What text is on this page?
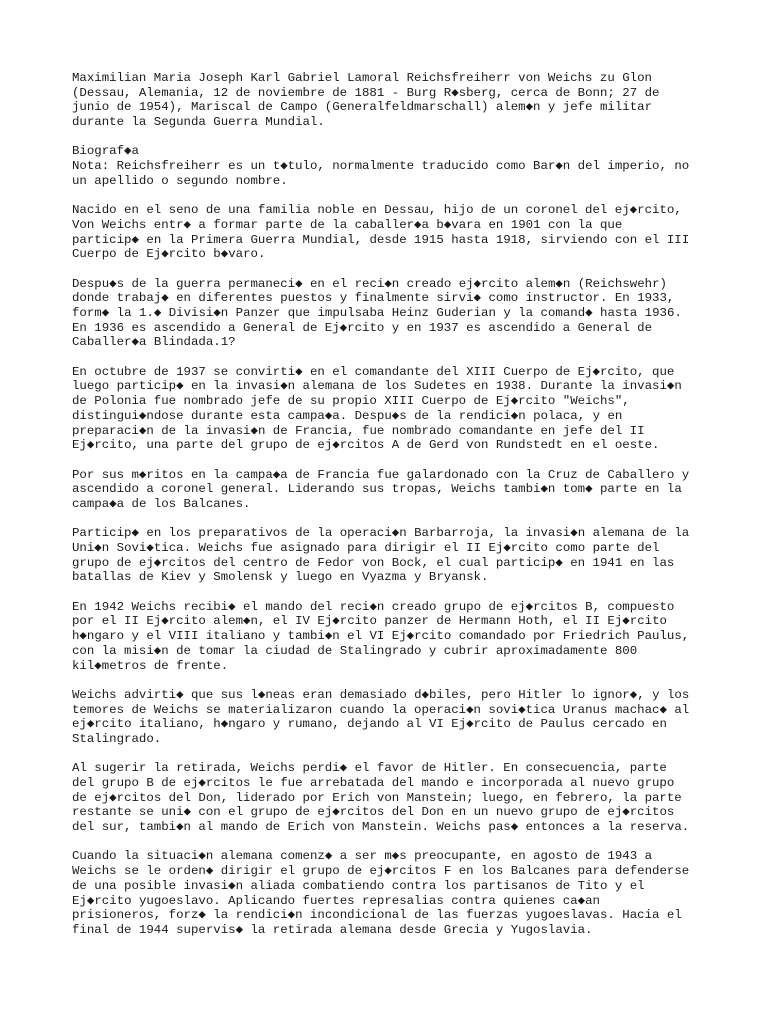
Maximilian Maria Joseph Karl Gabriel Lamoral Reichsfreiherr von Weichs zu Glon
(Dessau, Alemania, 12 de noviembre de 1881 - Burg R◆sberg, cerca de Bonn; 27 de
junio de 1954), Mariscal de Campo (Generalfeldmarschall) alem◆n y jefe militar
durante la Segunda Guerra Mundial.
Biograf◆a
Nota: Reichsfreiherr es un t◆tulo, normalmente traducido como Bar◆n del imperio, no
un apellido o segundo nombre.
Nacido en el seno de una familia noble en Dessau, hijo de un coronel del ej◆rcito,
Von Weichs entr◆ a formar parte de la caballer◆a b◆vara en 1901 con la que
particip◆ en la Primera Guerra Mundial, desde 1915 hasta 1918, sirviendo con el III
Cuerpo de Ej◆rcito b◆varo.
Despu◆s de la guerra permaneci◆ en el reci◆n creado ej◆rcito alem◆n (Reichswehr)
donde trabaj◆ en diferentes puestos y finalmente sirvi◆ como instructor. En 1933,
form◆ la 1.◆ Divisi◆n Panzer que impulsaba Heinz Guderian y la comand◆ hasta 1936.
En 1936 es ascendido a General de Ej◆rcito y en 1937 es ascendido a General de
Caballer◆a Blindada.1?
En octubre de 1937 se convirti◆ en el comandante del XIII Cuerpo de Ej◆rcito, que
luego particip◆ en la invasi◆n alemana de los Sudetes en 1938. Durante la invasi◆n
de Polonia fue nombrado jefe de su propio XIII Cuerpo de Ej◆rcito "Weichs",
distingui◆ndose durante esta campa◆a. Despu◆s de la rendici◆n polaca, y en
preparaci◆n de la invasi◆n de Francia, fue nombrado comandante en jefe del II
Ej◆rcito, una parte del grupo de ej◆rcitos A de Gerd von Rundstedt en el oeste.
Por sus m◆ritos en la campa◆a de Francia fue galardonado con la Cruz de Caballero y
ascendido a coronel general. Liderando sus tropas, Weichs tambi◆n tom◆ parte en la
campa◆a de los Balcanes.
Particip◆ en los preparativos de la operaci◆n Barbarroja, la invasi◆n alemana de la
Uni◆n Sovi◆tica. Weichs fue asignado para dirigir el II Ej◆rcito como parte del
grupo de ej◆rcitos del centro de Fedor von Bock, el cual particip◆ en 1941 en las
batallas de Kiev y Smolensk y luego en Vyazma y Bryansk.
En 1942 Weichs recibi◆ el mando del reci◆n creado grupo de ej◆rcitos B, compuesto
por el II Ej◆rcito alem◆n, el IV Ej◆rcito panzer de Hermann Hoth, el II Ej◆rcito
h◆ngaro y el VIII italiano y tambi◆n el VI Ej◆rcito comandado por Friedrich Paulus,
con la misi◆n de tomar la ciudad de Stalingrado y cubrir aproximadamente 800
kil◆metros de frente.
Weichs advirti◆ que sus l◆neas eran demasiado d◆biles, pero Hitler lo ignor◆, y los
temores de Weichs se materializaron cuando la operaci◆n sovi◆tica Uranus machac◆ al
ej◆rcito italiano, h◆ngaro y rumano, dejando al VI Ej◆rcito de Paulus cercado en
Stalingrado.
Al sugerir la retirada, Weichs perdi◆ el favor de Hitler. En consecuencia, parte
del grupo B de ej◆rcitos le fue arrebatada del mando e incorporada al nuevo grupo
de ej◆rcitos del Don, liderado por Erich von Manstein; luego, en febrero, la parte
restante se uni◆ con el grupo de ej◆rcitos del Don en un nuevo grupo de ej◆rcitos
del sur, tambi◆n al mando de Erich von Manstein. Weichs pas◆ entonces a la reserva.
Cuando la situaci◆n alemana comenz◆ a ser m◆s preocupante, en agosto de 1943 a
Weichs se le orden◆ dirigir el grupo de ej◆rcitos F en los Balcanes para defenderse
de una posible invasi◆n aliada combatiendo contra los partisanos de Tito y el
Ej◆rcito yugoeslavo. Aplicando fuertes represalias contra quienes ca◆an
prisioneros, forz◆ la rendici◆n incondicional de las fuerzas yugoeslavas. Hacia el
final de 1944 supervis◆ la retirada alemana desde Grecia y Yugoslavia.
